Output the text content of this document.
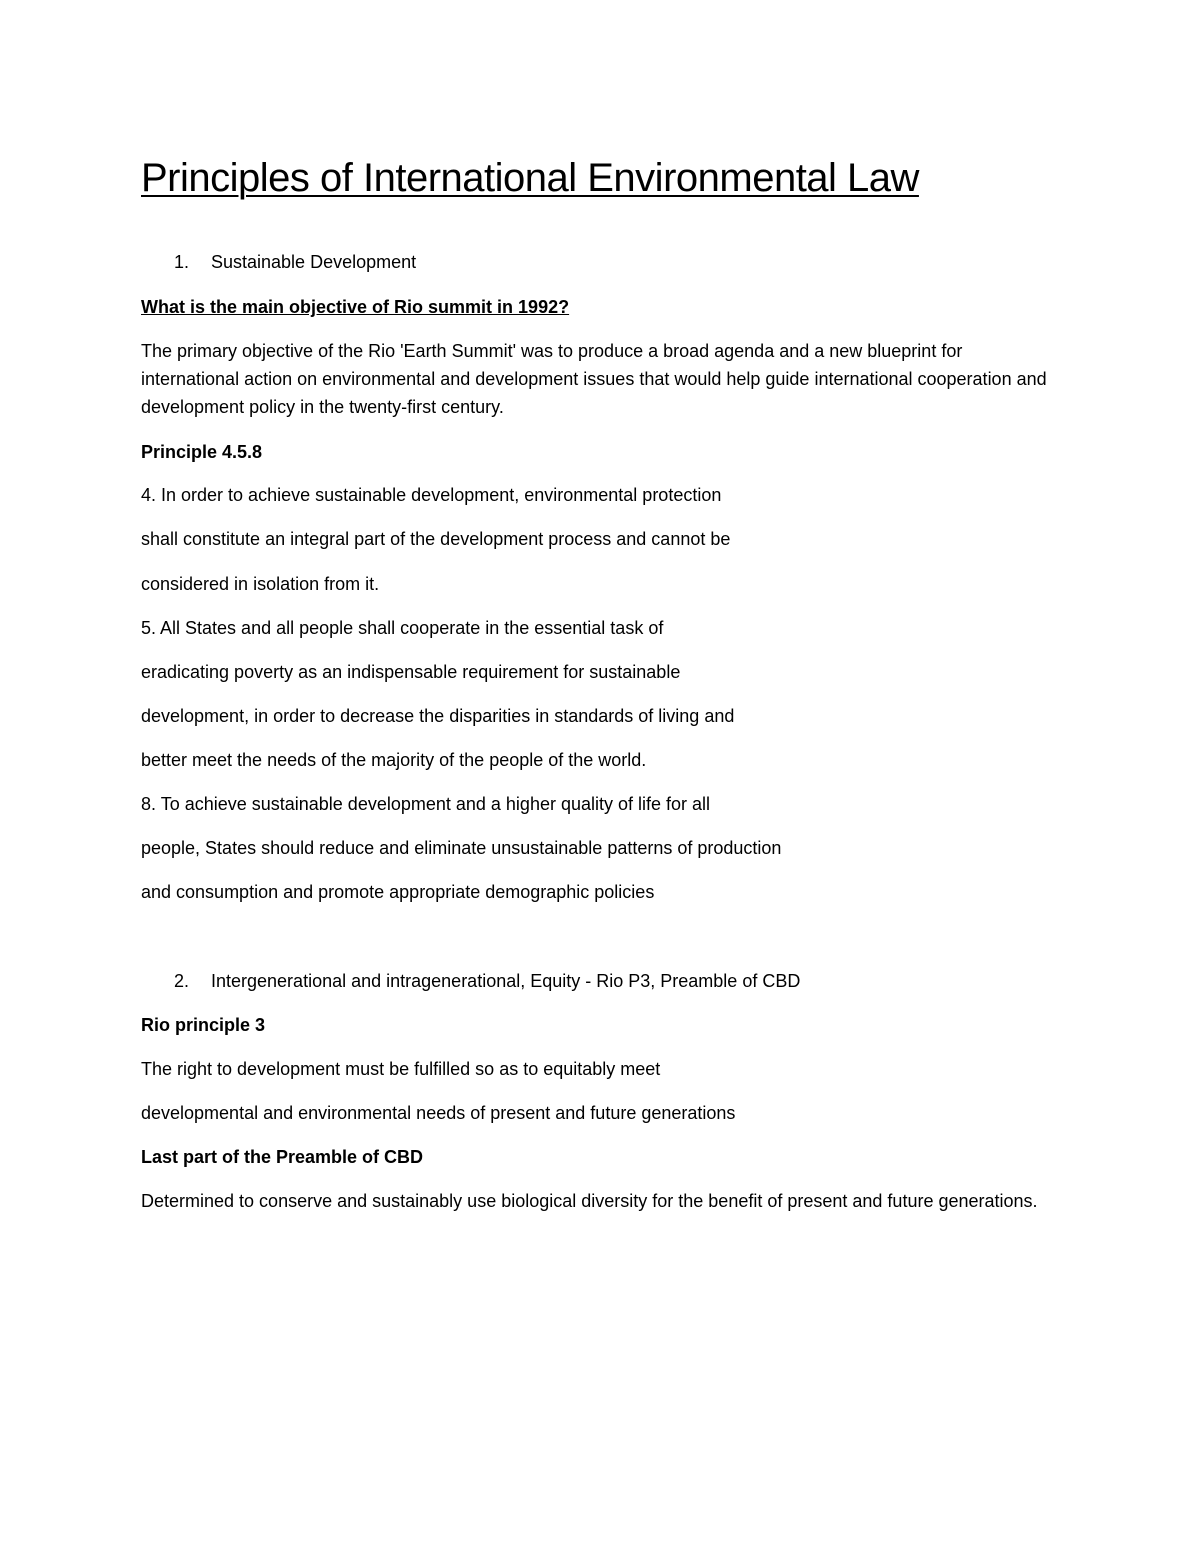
Principles of International Environmental Law

1. Sustainable Development

What is the main objective of Rio summit in 1992?

The primary objective of the Rio 'Earth Summit' was to produce a broad agenda and a new blueprint for international action on environmental and development issues that would help guide international cooperation and development policy in the twenty-first century.

Principle 4.5.8

4. In order to achieve sustainable development, environmental protection

shall constitute an integral part of the development process and cannot be

considered in isolation from it.

5. All States and all people shall cooperate in the essential task of

eradicating poverty as an indispensable requirement for sustainable

development, in order to decrease the disparities in standards of living and

better meet the needs of the majority of the people of the world.

8. To achieve sustainable development and a higher quality of life for all

people, States should reduce and eliminate unsustainable patterns of production

and consumption and promote appropriate demographic policies

2. Intergenerational and intragenerational, Equity - Rio P3, Preamble of CBD

Rio principle 3

The right to development must be fulfilled so as to equitably meet

developmental and environmental needs of present and future generations

Last part of the Preamble of CBD

Determined to conserve and sustainably use biological diversity for the benefit of present and future generations.
